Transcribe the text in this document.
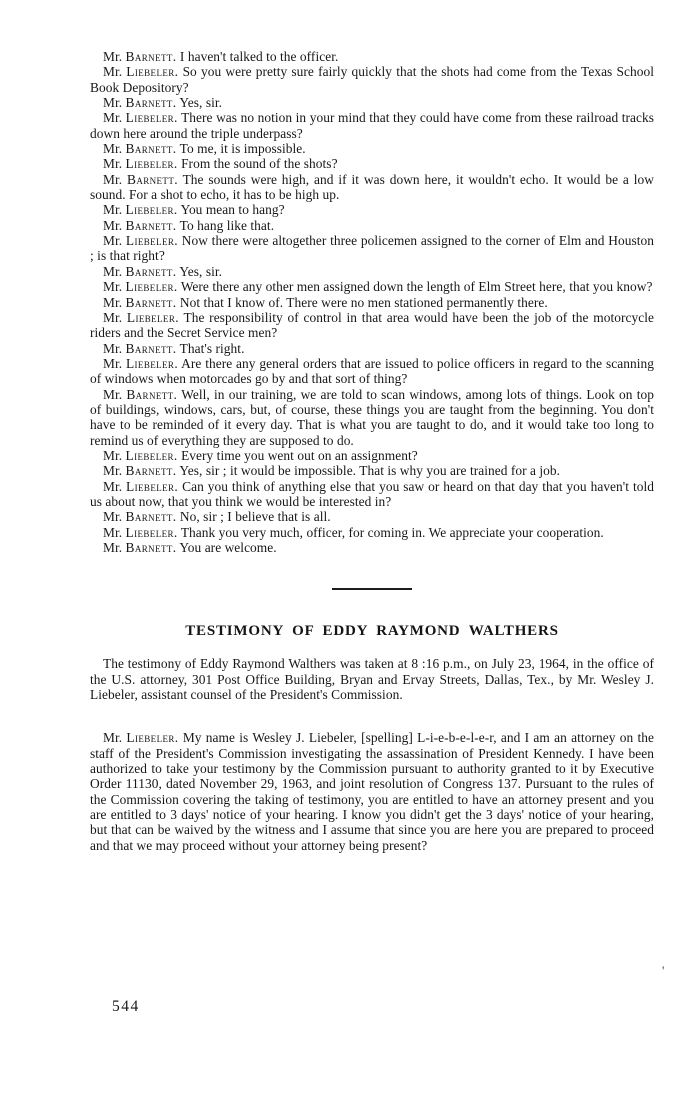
Mr. Barnett. I haven't talked to the officer.

Mr. Liebeler. So you were pretty sure fairly quickly that the shots had come from the Texas School Book Depository?

Mr. Barnett. Yes, sir.

Mr. Liebeler. There was no notion in your mind that they could have come from these railroad tracks down here around the triple underpass?

Mr. Barnett. To me, it is impossible.

Mr. Liebeler. From the sound of the shots?

Mr. Barnett. The sounds were high, and if it was down here, it wouldn't echo. It would be a low sound. For a shot to echo, it has to be high up.

Mr. Liebeler. You mean to hang?

Mr. Barnett. To hang like that.

Mr. Liebeler. Now there were altogether three policemen assigned to the corner of Elm and Houston ; is that right?

Mr. Barnett. Yes, sir.

Mr. Liebeler. Were there any other men assigned down the length of Elm Street here, that you know?

Mr. Barnett. Not that I know of. There were no men stationed permanently there.

Mr. Liebeler. The responsibility of control in that area would have been the job of the motorcycle riders and the Secret Service men?

Mr. Barnett. That's right.

Mr. Liebeler. Are there any general orders that are issued to police officers in regard to the scanning of windows when motorcades go by and that sort of thing?

Mr. Barnett. Well, in our training, we are told to scan windows, among lots of things. Look on top of buildings, windows, cars, but, of course, these things you are taught from the beginning. You don't have to be reminded of it every day. That is what you are taught to do, and it would take too long to remind us of everything they are supposed to do.

Mr. Liebeler. Every time you went out on an assignment?

Mr. Barnett. Yes, sir ; it would be impossible. That is why you are trained for a job.

Mr. Liebeler. Can you think of anything else that you saw or heard on that day that you haven't told us about now, that you think we would be interested in?

Mr. Barnett. No, sir ; I believe that is all.

Mr. Liebeler. Thank you very much, officer, for coming in. We appreciate your cooperation.

Mr. Barnett. You are welcome.

TESTIMONY OF EDDY RAYMOND WALTHERS

The testimony of Eddy Raymond Walthers was taken at 8 :16 p.m., on July 23, 1964, in the office of the U.S. attorney, 301 Post Office Building, Bryan and Ervay Streets, Dallas, Tex., by Mr. Wesley J. Liebeler, assistant counsel of the President's Commission.

Mr. Liebeler. My name is Wesley J. Liebeler, [spelling] L-i-e-b-e-l-e-r, and I am an attorney on the staff of the President's Commission investigating the assassination of President Kennedy. I have been authorized to take your testimony by the Commission pursuant to authority granted to it by Executive Order 11130, dated November 29, 1963, and joint resolution of Congress 137. Pursuant to the rules of the Commission covering the taking of testimony, you are entitled to have an attorney present and you are entitled to 3 days' notice of your hearing. I know you didn't get the 3 days' notice of your hearing, but that can be waived by the witness and I assume that since you are here you are prepared to proceed and that we may proceed without your attorney being present?

544
'
